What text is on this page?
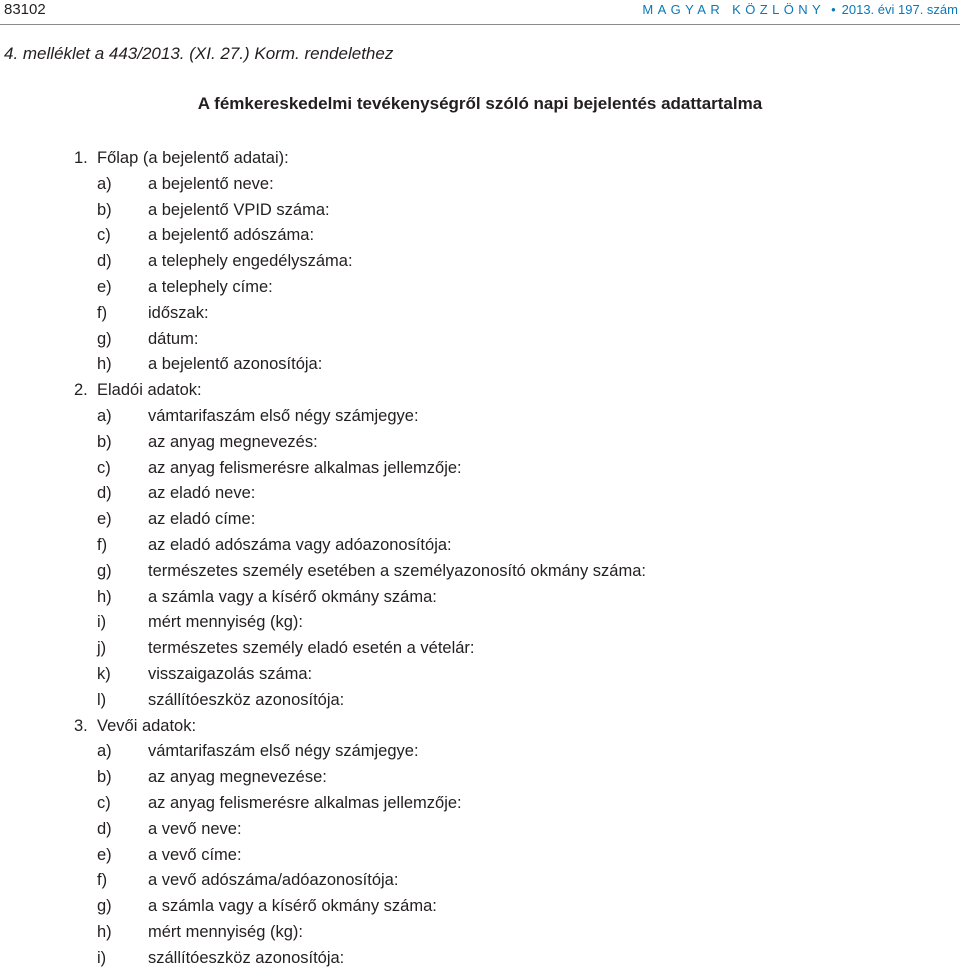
83102	MAGYAR KÖZLÖNY • 2013. évi 197. szám
4. melléklet a 443/2013. (XI. 27.) Korm. rendelethez
A fémkereskedelmi tevékenységről szóló napi bejelentés adattartalma
1. Főlap (a bejelentő adatai):
a) a bejelentő neve:
b) a bejelentő VPID száma:
c) a bejelentő adószáma:
d) a telephely engedélyszáma:
e) a telephely címe:
f) időszak:
g) dátum:
h) a bejelentő azonosítója:
2. Eladói adatok:
a) vámtarifaszám első négy számjegye:
b) az anyag megnevezés:
c) az anyag felismerésre alkalmas jellemzője:
d) az eladó neve:
e) az eladó címe:
f) az eladó adószáma vagy adóazonosítója:
g) természetes személy esetében a személyazonosító okmány száma:
h) a számla vagy a kísérő okmány száma:
i)	mért mennyiség (kg):
j)	természetes személy eladó esetén a vételár:
k) visszaigazolás száma:
l)	szállítóeszköz azonosítója:
3. Vevői adatok:
a) vámtarifaszám első négy számjegye:
b) az anyag megnevezése:
c) az anyag felismerésre alkalmas jellemzője:
d) a vevő neve:
e) a vevő címe:
f) a vevő adószáma/adóazonosítója:
g) a számla vagy a kísérő okmány száma:
h) mért mennyiség (kg):
i)	szállítóeszköz azonosítója:
